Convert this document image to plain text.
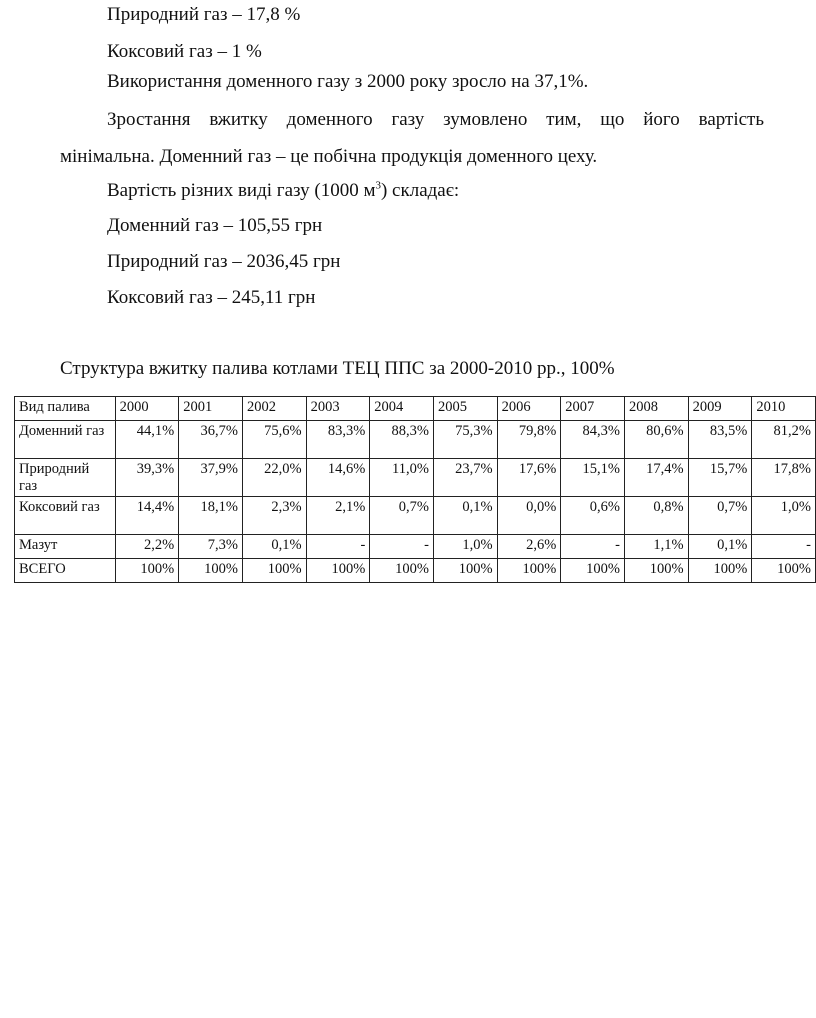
Природний газ – 17,8 %
Коксовий газ – 1 %
Використання доменного газу з 2000 року зросло на 37,1%.
Зростання вжитку доменного газу зумовлено тим, що його вартість
мінімальна. Доменний газ – це побічна продукція доменного цеху.
Вартість різних виді газу (1000 $м^3$) складає:
Доменний газ – 105,55 грн
Природний газ – 2036,45 грн
Коксовий газ – 245,11 грн
Структура вжитку палива котлами ТЕЦ ППС за 2000-2010 рр., 100%
Вид палива	2000	2001	2002	2003	2004	2005	2006	2007	2008	2009	2010
Доменний газ	44,1%	36,7%	75,6%	83,3%	88,3%	75,3%	79,8%	84,3%	80,6%	83,5%	81,2%
Природний газ	39,3%	37,9%	22,0%	14,6%	11,0%	23,7%	17,6%	15,1%	17,4%	15,7%	17,8%
Коксовий газ	14,4%	18,1%	2,3%	2,1%	0,7%	0,1%	0,0%	0,6%	0,8%	0,7%	1,0%
Мазут	2,2%	7,3%	0,1%	-	-	1,0%	2,6%	-	1,1%	0,1%	-
ВСЕГО	100%	100%	100%	100%	100%	100%	100%	100%	100%	100%	100%
